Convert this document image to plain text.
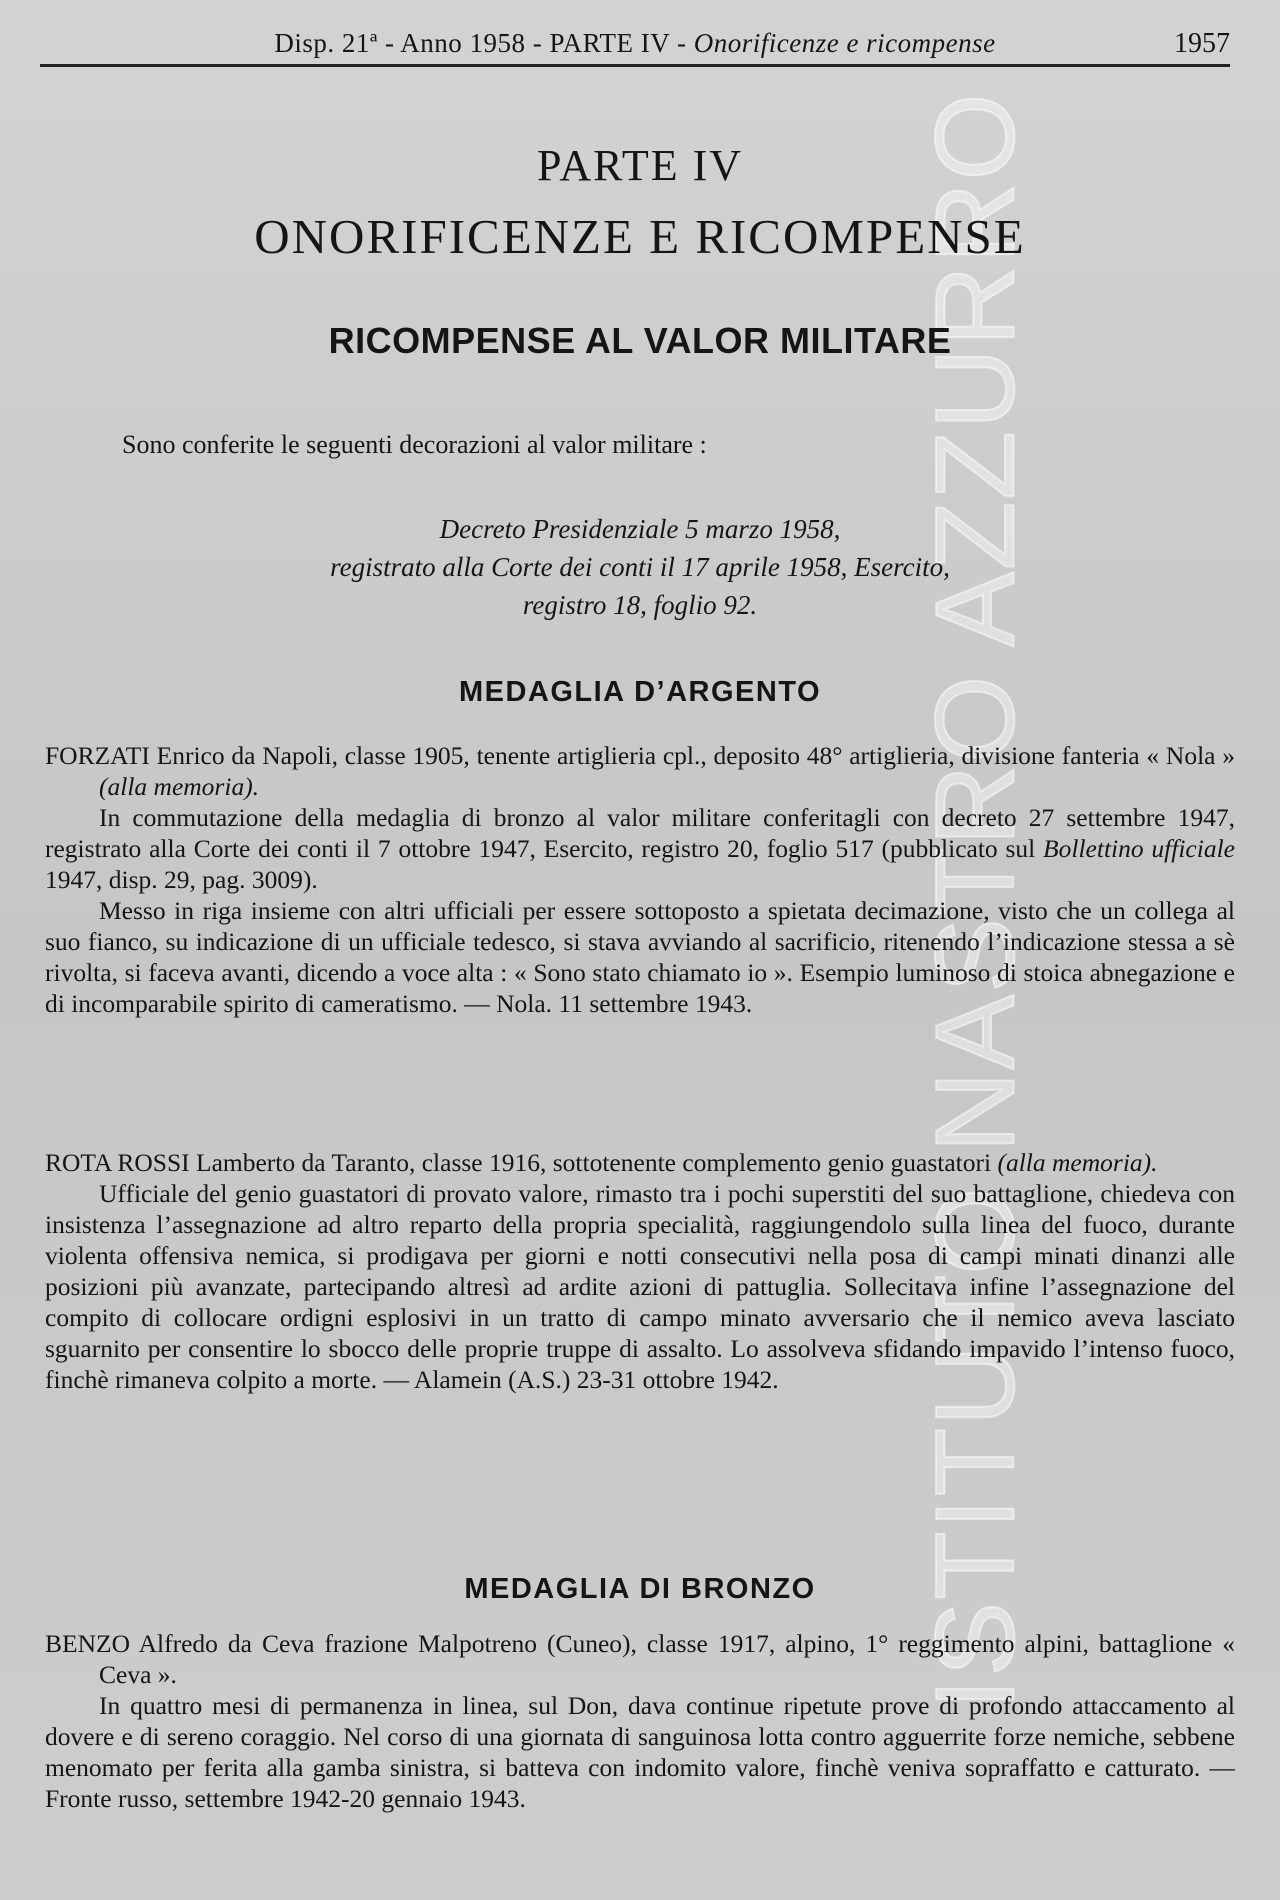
ISTITUTO NASTRO AZZURRO
Disp. 21ª - Anno 1958 - PARTE IV - Onorificenze e ricompense	1957
PARTE IV
ONORIFICENZE E RICOMPENSE
RICOMPENSE AL VALOR MILITARE
Sono conferite le seguenti decorazioni al valor militare :
Decreto Presidenziale 5 marzo 1958,
registrato alla Corte dei conti il 17 aprile 1958, Esercito,
registro 18, foglio 92.
MEDAGLIA D’ARGENTO

FORZATI Enrico da Napoli, classe 1905, tenente artiglieria cpl., deposito 48° artiglieria, divisione fanteria « Nola » (alla memoria).

In commutazione della medaglia di bronzo al valor militare conferitagli con decreto 27 settembre 1947, registrato alla Corte dei conti il 7 ottobre 1947, Esercito, registro 20, foglio 517 (pubblicato sul Bollettino ufficiale 1947, disp. 29, pag. 3009).

Messo in riga insieme con altri ufficiali per essere sottoposto a spietata decimazione, visto che un collega al suo fianco, su indicazione di un ufficiale tedesco, si stava avviando al sacrificio, ritenendo l’indicazione stessa a sè rivolta, si faceva avanti, dicendo a voce alta : « Sono stato chiamato io ». Esempio luminoso di stoica abnegazione e di incomparabile spirito di cameratismo. — Nola. 11 settembre 1943.

ROTA ROSSI Lamberto da Taranto, classe 1916, sottotenente complemento genio guastatori (alla memoria).

Ufficiale del genio guastatori di provato valore, rimasto tra i pochi superstiti del suo battaglione, chiedeva con insistenza l’assegnazione ad altro reparto della propria specialità, raggiungendolo sulla linea del fuoco, durante violenta offensiva nemica, si prodigava per giorni e notti consecutivi nella posa di campi minati dinanzi alle posizioni più avanzate, partecipando altresì ad ardite azioni di pattuglia. Sollecitava infine l’assegnazione del compito di collocare ordigni esplosivi in un tratto di campo minato avversario che il nemico aveva lasciato sguarnito per consentire lo sbocco delle proprie truppe di assalto. Lo assolveva sfidando impavido l’intenso fuoco, finchè rimaneva colpito a morte. — Alamein (A.S.) 23-31 ottobre 1942.

MEDAGLIA DI BRONZO

BENZO Alfredo da Ceva frazione Malpotreno (Cuneo), classe 1917, alpino, 1° reggimento alpini, battaglione « Ceva ».

In quattro mesi di permanenza in linea, sul Don, dava continue ripetute prove di profondo attaccamento al dovere e di sereno coraggio. Nel corso di una giornata di sanguinosa lotta contro agguerrite forze nemiche, sebbene menomato per ferita alla gamba sinistra, si batteva con indomito valore, finchè veniva sopraffatto e catturato. — Fronte russo, settembre 1942-20 gennaio 1943.
